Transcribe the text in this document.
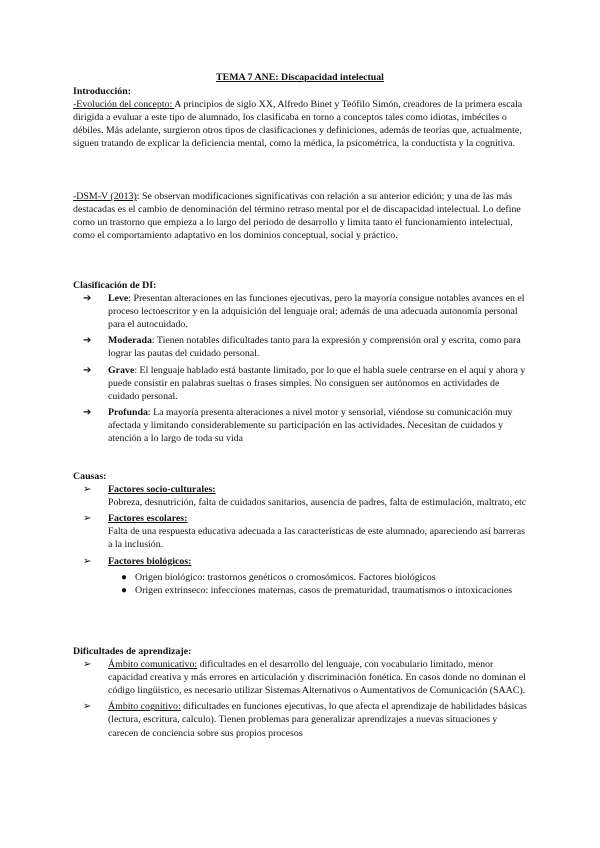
TEMA 7 ANE: Discapacidad intelectual
Introducción:

-Evolución del concepto: A principios de siglo XX, Alfredo Binet y Teófilo Simón, creadores de la primera escala dirigida a evaluar a este tipo de alumnado, los clasificaba en torno a conceptos tales como idiotas, imbéciles o débiles. Más adelante, surgieron otros tipos de clasificaciones y definiciones, además de teorías que, actualmente, siguen tratando de explicar la deficiencia mental, como la médica, la psicométrica, la conductista y la cognitiva.

-DSM-V (2013): Se observan modificaciones significativas con relación a su anterior edición; y una de las más destacadas es el cambio de denominación del término retraso mental por el de discapacidad intelectual. Lo define como un trastorno que empieza a lo largo del periodo de desarrollo y limita tanto el funcionamiento intelectual, como el comportamiento adaptativo en los dominios conceptual, social y práctico.

Clasificación de DI:
➔ Leve: Presentan alteraciones en las funciones ejecutivas, pero la mayoría consigue notables avances en el proceso lectoescritor y en la adquisición del lenguaje oral; además de una adecuada autonomía personal para el autocuidado.
➔ Moderada: Tienen notables dificultades tanto para la expresión y comprensión oral y escrita, como para lograr las pautas del cuidado personal.
➔ Grave: El lenguaje hablado está bastante limitado, por lo que el habla suele centrarse en el aquí y ahora y puede consistir en palabras sueltas o frases simples. No consiguen ser autónomos en actividades de cuidado personal.
➔ Profunda: La mayoría presenta alteraciones a nivel motor y sensorial, viéndose su comunicación muy afectada y limitando considerablemente su participación en las actividades. Necesitan de cuidados y atención a lo largo de toda su vida
Causas:
➢ Factores socio-culturales:
Pobreza, desnutrición, falta de cuidados sanitarios, ausencia de padres, falta de estimulación, maltrato, etc
➢ Factores escolares:
Falta de una respuesta educativa adecuada a las características de este alumnado, apareciendo así barreras a la inclusión.
➢ Factores biológicos:
● Origen biológico: trastornos genéticos o cromosómicos. Factores biológicos
● Origen extrínseco: infecciones maternas, casos de prematuridad, traumatismos o intoxicaciones
Dificultades de aprendizaje:
➢ Ámbito comunicativo: dificultades en el desarrollo del lenguaje, con vocabulario limitado, menor capacidad creativa y más errores en articulación y discriminación fonética. En casos donde no dominan el código lingüístico, es necesario utilizar Sistemas Alternativos o Aumentativos de Comunicación (SAAC).
➢ Ámbito cognitivo: dificultades en funciones ejecutivas, lo que afecta el aprendizaje de habilidades básicas (lectura, escritura, calculo). Tienen problemas para generalizar aprendizajes a nuevas situaciones y carecen de conciencia sobre sus propios procesos
